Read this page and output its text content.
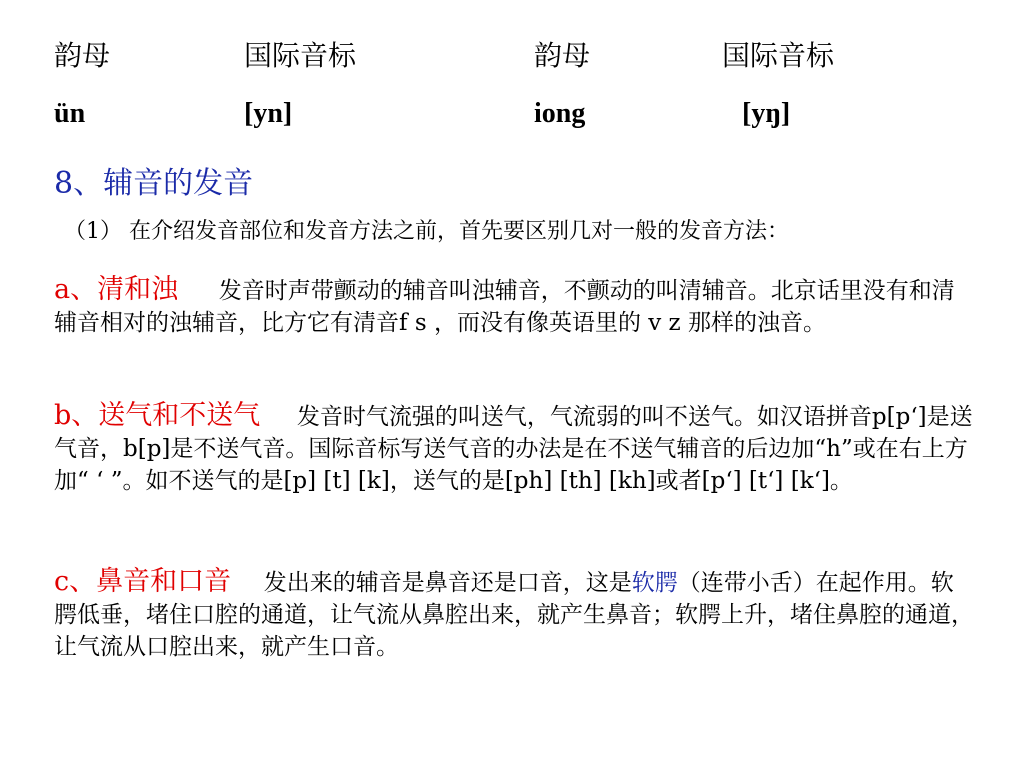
韵母	国际音标	韵母	国际音标
ün	[yn]	iong	[yŋ]
8、辅音的发音
（1） 在介绍发音部位和发音方法之前，首先要区别几对一般的发音方法：
a、清和浊 发音时声带颤动的辅音叫浊辅音，不颤动的叫清辅音。北京话里没有和清辅音相对的浊辅音，比方它有清音f s ，而没有像英语里的 v z 那样的浊音。
b、送气和不送气 发音时气流强的叫送气，气流弱的叫不送气。如汉语拼音p[p‘]是送气音，b[p]是不送气音。国际音标写送气音的办法是在不送气辅音的后边加“h”或在右上方加“ ‘ ”。如不送气的是[p] [t] [k]，送气的是[ph] [th] [kh]或者[p‘] [t‘] [k‘]。
c、鼻音和口音 发出来的辅音是鼻音还是口音，这是软腭（连带小舌）在起作用。软腭低垂，堵住口腔的通道，让气流从鼻腔出来，就产生鼻音；软腭上升，堵住鼻腔的通道，让气流从口腔出来，就产生口音。
